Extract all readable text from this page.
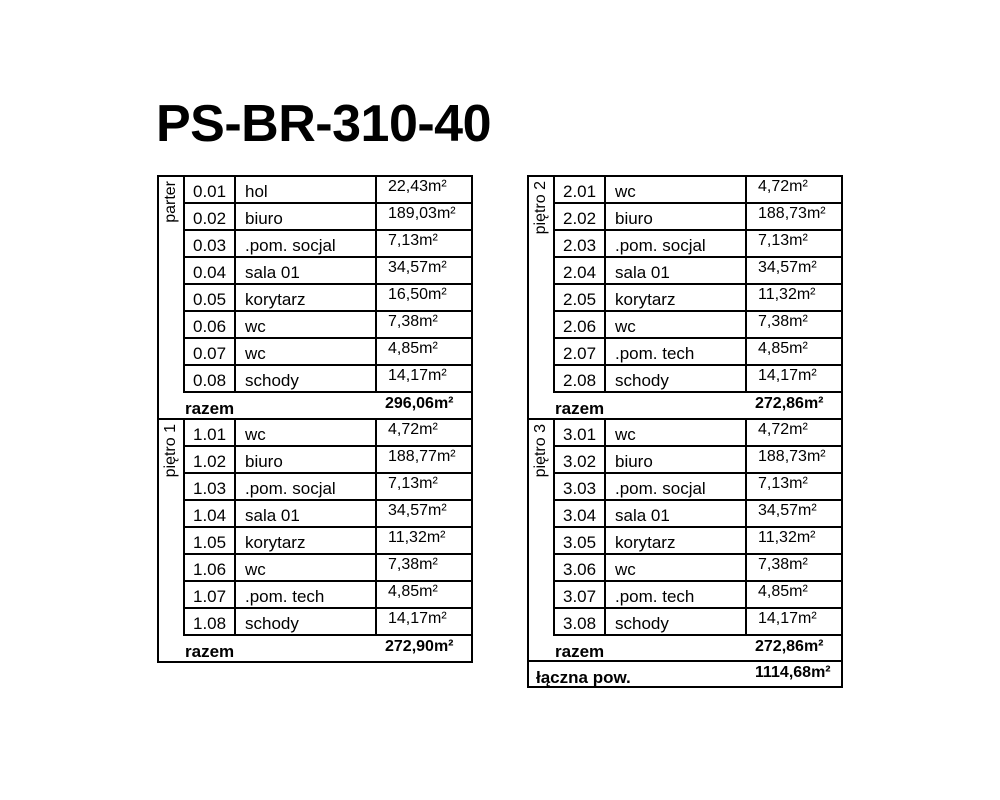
PS-BR-310-40
parter 0.01	hol	22,43m²
0.02	biuro	189,03m²
0.03	.pom. socjal	7,13m²
0.04	sala 01	34,57m²
0.05	korytarz	16,50m²
0.06	wc	7,38m²
0.07	wc	4,85m²
0.08	schody	14,17m²
razem	296,06m²
piętro 1 1.01	wc	4,72m²
1.02	biuro	188,77m²
1.03	.pom. socjal	7,13m²
1.04	sala 01	34,57m²
1.05	korytarz	11,32m²
1.06	wc	7,38m²
1.07	.pom. tech	4,85m²
1.08	schody	14,17m²
razem	272,90m²
piętro 2 2.01	wc	4,72m²
2.02	biuro	188,73m²
2.03	.pom. socjal	7,13m²
2.04	sala 01	34,57m²
2.05	korytarz	11,32m²
2.06	wc	7,38m²
2.07	.pom. tech	4,85m²
2.08	schody	14,17m²
razem	272,86m²
piętro 3 3.01	wc	4,72m²
3.02	biuro	188,73m²
3.03	.pom. socjal	7,13m²
3.04	sala 01	34,57m²
3.05	korytarz	11,32m²
3.06	wc	7,38m²
3.07	.pom. tech	4,85m²
3.08	schody	14,17m²
razem	272,86m²
łączna pow.	1114,68m²
